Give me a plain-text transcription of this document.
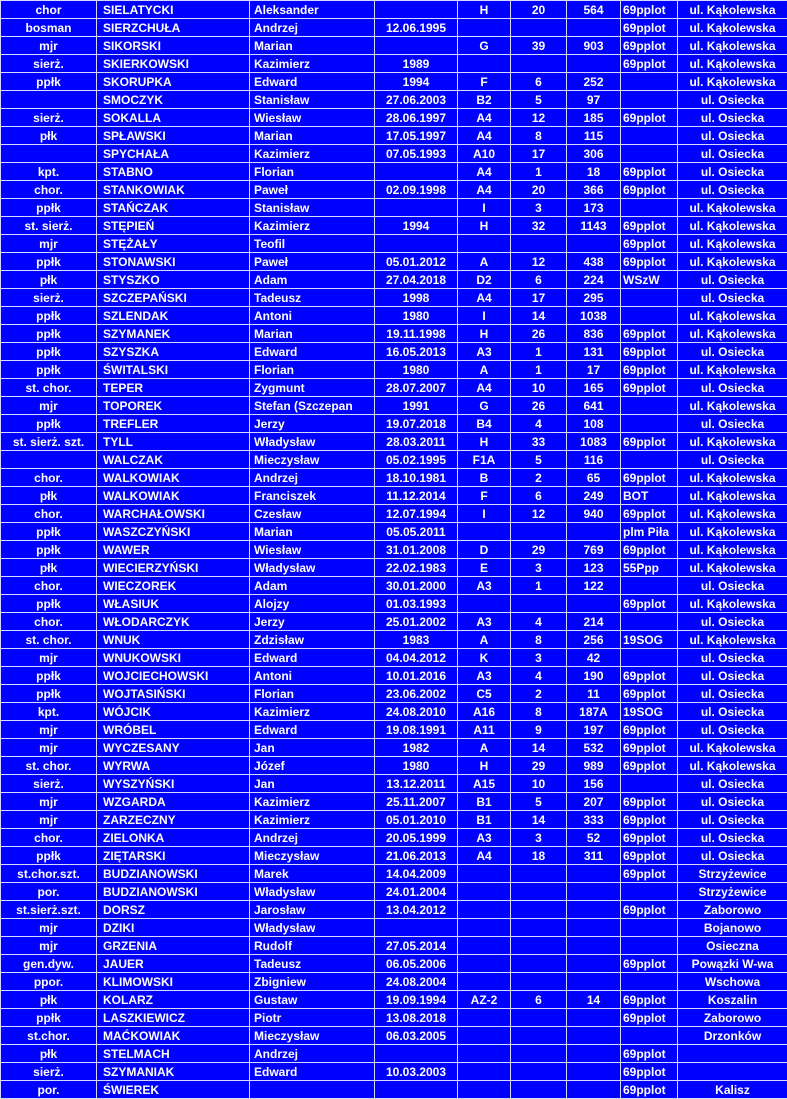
chor	SIELATYCKI	Aleksander		H	20	564	69pplot	ul. Kąkolewska
bosman	SIERZCHUŁA	Andrzej	12.06.1995				69pplot	ul. Kąkolewska
mjr	SIKORSKI	Marian		G	39	903	69pplot	ul. Kąkolewska
sierż.	SKIERKOWSKI	Kazimierz	1989				69pplot	ul. Kąkolewska
ppłk	SKORUPKA	Edward	1994	F	6	252		ul. Kąkolewska
	SMOCZYK	Stanisław	27.06.2003	B2	5	97		ul. Osiecka
sierż.	SOKALLA	Wiesław	28.06.1997	A4	12	185	69pplot	ul. Osiecka
płk	SPŁAWSKI	Marian	17.05.1997	A4	8	115		ul. Osiecka
	SPYCHAŁA	Kazimierz	07.05.1993	A10	17	306		ul. Osiecka
kpt.	STABNO	Florian		A4	1	18	69pplot	ul. Osiecka
chor.	STANKOWIAK	Paweł	02.09.1998	A4	20	366	69pplot	ul. Osiecka
ppłk	STAŃCZAK	Stanisław		I	3	173		ul. Kąkolewska
st. sierż.	STĘPIEŃ	Kazimierz	1994	H	32	1143	69pplot	ul. Kąkolewska
mjr	STĘŻAŁY	Teofil					69pplot	ul. Kąkolewska
ppłk	STONAWSKI	Paweł	05.01.2012	A	12	438	69pplot	ul. Kąkolewska
płk	STYSZKO	Adam	27.04.2018	D2	6	224	WSzW	ul. Osiecka
sierż.	SZCZEPAŃSKI	Tadeusz	1998	A4	17	295		ul. Osiecka
ppłk	SZLENDAK	Antoni	1980	I	14	1038		ul. Kąkolewska
ppłk	SZYMANEK	Marian	19.11.1998	H	26	836	69pplot	ul. Kąkolewska
ppłk	SZYSZKA	Edward	16.05.2013	A3	1	131	69pplot	ul. Osiecka
ppłk	ŚWITALSKI	Florian	1980	A	1	17	69pplot	ul. Kąkolewska
st. chor.	TEPER	Zygmunt	28.07.2007	A4	10	165	69pplot	ul. Osiecka
mjr	TOPOREK	Stefan (Szczepan	1991	G	26	641		ul. Kąkolewska
ppłk	TREFLER	Jerzy	19.07.2018	B4	4	108		ul. Osiecka
st. sierż. szt.	TYLL	Władysław	28.03.2011	H	33	1083	69pplot	ul. Kąkolewska
	WALCZAK	Mieczysław	05.02.1995	F1A	5	116		ul. Osiecka
chor.	WALKOWIAK	Andrzej	18.10.1981	B	2	65	69pplot	ul. Kąkolewska
płk	WALKOWIAK	Franciszek	11.12.2014	F	6	249	BOT	ul. Kąkolewska
chor.	WARCHAŁOWSKI	Czesław	12.07.1994	I	12	940	69pplot	ul. Kąkolewska
ppłk	WASZCZYŃSKI	Marian	05.05.2011				plm Piła	ul. Kąkolewska
ppłk	WAWER	Wiesław	31.01.2008	D	29	769	69pplot	ul. Kąkolewska
płk	WIECIERZYŃSKI	Władysław	22.02.1983	E	3	123	55Ppp	ul. Kąkolewska
chor.	WIECZOREK	Adam	30.01.2000	A3	1	122		ul. Osiecka
ppłk	WŁASIUK	Alojzy	01.03.1993				69pplot	ul. Kąkolewska
chor.	WŁODARCZYK	Jerzy	25.01.2002	A3	4	214		ul. Osiecka
st. chor.	WNUK	Zdzisław	1983	A	8	256	19SOG	ul. Kąkolewska
mjr	WNUKOWSKI	Edward	04.04.2012	K	3	42		ul. Osiecka
ppłk	WOJCIECHOWSKI	Antoni	10.01.2016	A3	4	190	69pplot	ul. Osiecka
ppłk	WOJTASIŃSKI	Florian	23.06.2002	C5	2	11	69pplot	ul. Osiecka
kpt.	WÓJCIK	Kazimierz	24.08.2010	A16	8	187A	19SOG	ul. Osiecka
mjr	WRÓBEL	Edward	19.08.1991	A11	9	197	69pplot	ul. Osiecka
mjr	WYCZESANY	Jan	1982	A	14	532	69pplot	ul. Kąkolewska
st. chor.	WYRWA	Józef	1980	H	29	989	69pplot	ul. Kąkolewska
sierż.	WYSZYŃSKI	Jan	13.12.2011	A15	10	156		ul. Osiecka
mjr	WZGARDA	Kazimierz	25.11.2007	B1	5	207	69pplot	ul. Osiecka
mjr	ZARZECZNY	Kazimierz	05.01.2010	B1	14	333	69pplot	ul. Osiecka
chor.	ZIELONKA	Andrzej	20.05.1999	A3	3	52	69pplot	ul. Osiecka
ppłk	ZIĘTARSKI	Mieczysław	21.06.2013	A4	18	311	69pplot	ul. Osiecka
st.chor.szt.	BUDZIANOWSKI	Marek	14.04.2009				69pplot	Strzyżewice
por.	BUDZIANOWSKI	Władysław	24.01.2004					Strzyżewice
st.sierż.szt.	DORSZ	Jarosław	13.04.2012				69pplot	Zaborowo
mjr	DZIKI	Władysław						Bojanowo
mjr	GRZENIA	Rudolf	27.05.2014					Osieczna
gen.dyw.	JAUER	Tadeusz	06.05.2006				69pplot	Powązki W-wa
ppor.	KLIMOWSKI	Zbigniew	24.08.2004					Wschowa
płk	KOLARZ	Gustaw	19.09.1994	AZ-2	6	14	69pplot	Koszalin
ppłk	LASZKIEWICZ	Piotr	13.08.2018				69pplot	Zaborowo
st.chor.	MAĆKOWIAK	Mieczysław	06.03.2005					Drzonków
płk	STELMACH	Andrzej					69pplot	
sierż.	SZYMANIAK	Edward	10.03.2003				69pplot	
por.	ŚWIEREK						69pplot	Kalisz
